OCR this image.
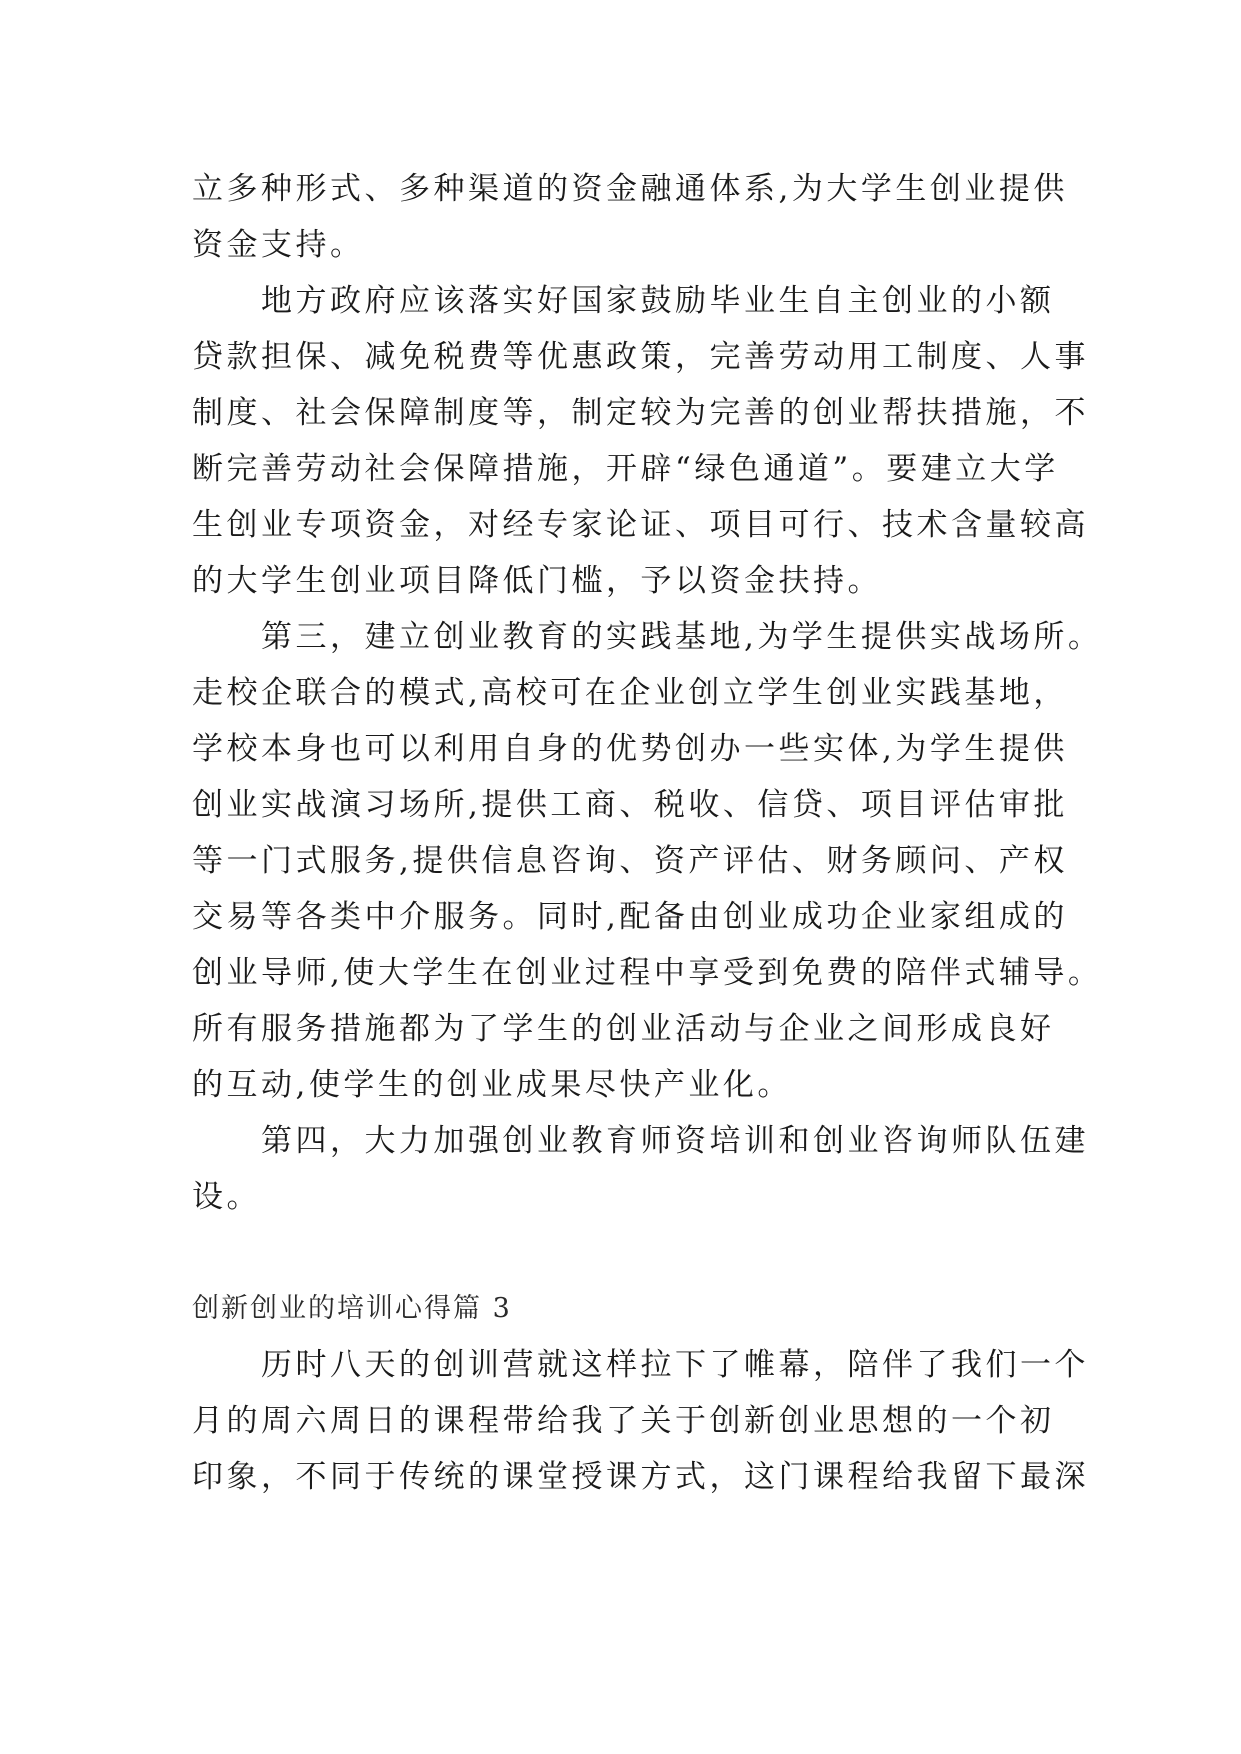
立多种形式、多种渠道的资金融通体系,为大学生创业提供
资金支持。
　　地方政府应该落实好国家鼓励毕业生自主创业的小额
贷款担保、减免税费等优惠政策，完善劳动用工制度、人事
制度、社会保障制度等，制定较为完善的创业帮扶措施，不
断完善劳动社会保障措施，开辟“绿色通道”。要建立大学
生创业专项资金，对经专家论证、项目可行、技术含量较高
的大学生创业项目降低门槛，予以资金扶持。
　　第三，建立创业教育的实践基地,为学生提供实战场所。
走校企联合的模式,高校可在企业创立学生创业实践基地，
学校本身也可以利用自身的优势创办一些实体,为学生提供
创业实战演习场所,提供工商、税收、信贷、项目评估审批
等一门式服务,提供信息咨询、资产评估、财务顾问、产权
交易等各类中介服务。同时,配备由创业成功企业家组成的
创业导师,使大学生在创业过程中享受到免费的陪伴式辅导。
所有服务措施都为了学生的创业活动与企业之间形成良好
的互动,使学生的创业成果尽快产业化。
　　第四，大力加强创业教育师资培训和创业咨询师队伍建
设。
创新创业的培训心得篇 3
　　历时八天的创训营就这样拉下了帷幕，陪伴了我们一个
月的周六周日的课程带给我了关于创新创业思想的一个初
印象，不同于传统的课堂授课方式，这门课程给我留下最深
